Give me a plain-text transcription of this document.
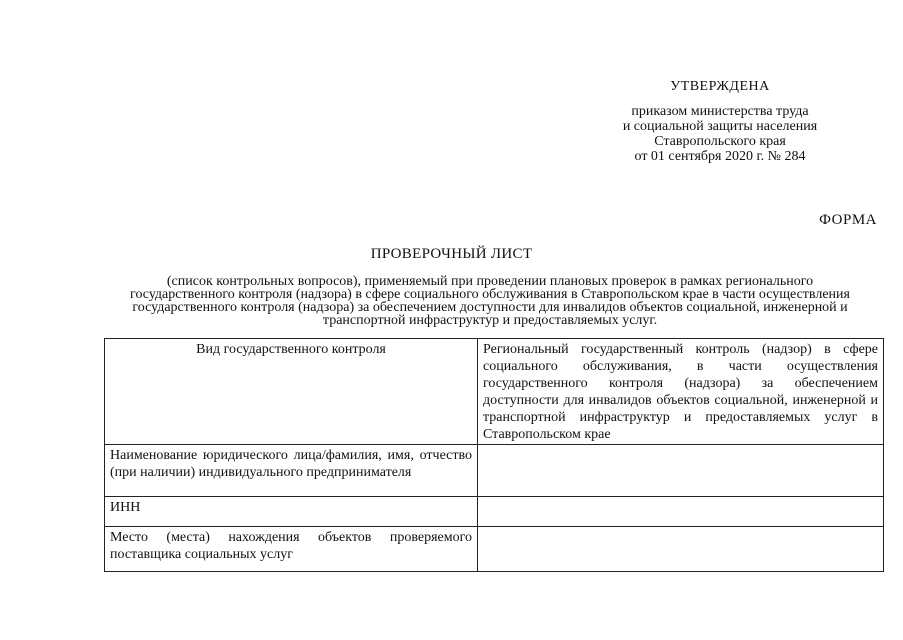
УТВЕРЖДЕНА
приказом министерства труда
и социальной защиты населения
Ставропольского края
от 01 сентября 2020 г. № 284
ФОРМА
ПРОВЕРОЧНЫЙ ЛИСТ
(список контрольных вопросов), применяемый при проведении плановых проверок в рамках регионального государственного контроля (надзора) в сфере социального обслуживания в Ставропольском крае в части осуществления государственного контроля (надзора) за обеспечением доступности для инвалидов объектов социальной, инженерной и транспортной инфраструктур и предоставляемых услуг.
Вид государственного контроля	Региональный государственный контроль (надзор) в сфере социального обслуживания, в части осуществления государственного контроля (надзора) за обеспечением доступности для инвалидов объектов социальной, инженерной и транспортной инфраструктур и предоставляемых услуг в Ставропольском крае
Наименование юридического лица/фамилия, имя, отчество (при наличии) индивидуального предпринимателя	
ИНН	
Место (места) нахождения объектов проверяемого поставщика социальных услуг	
